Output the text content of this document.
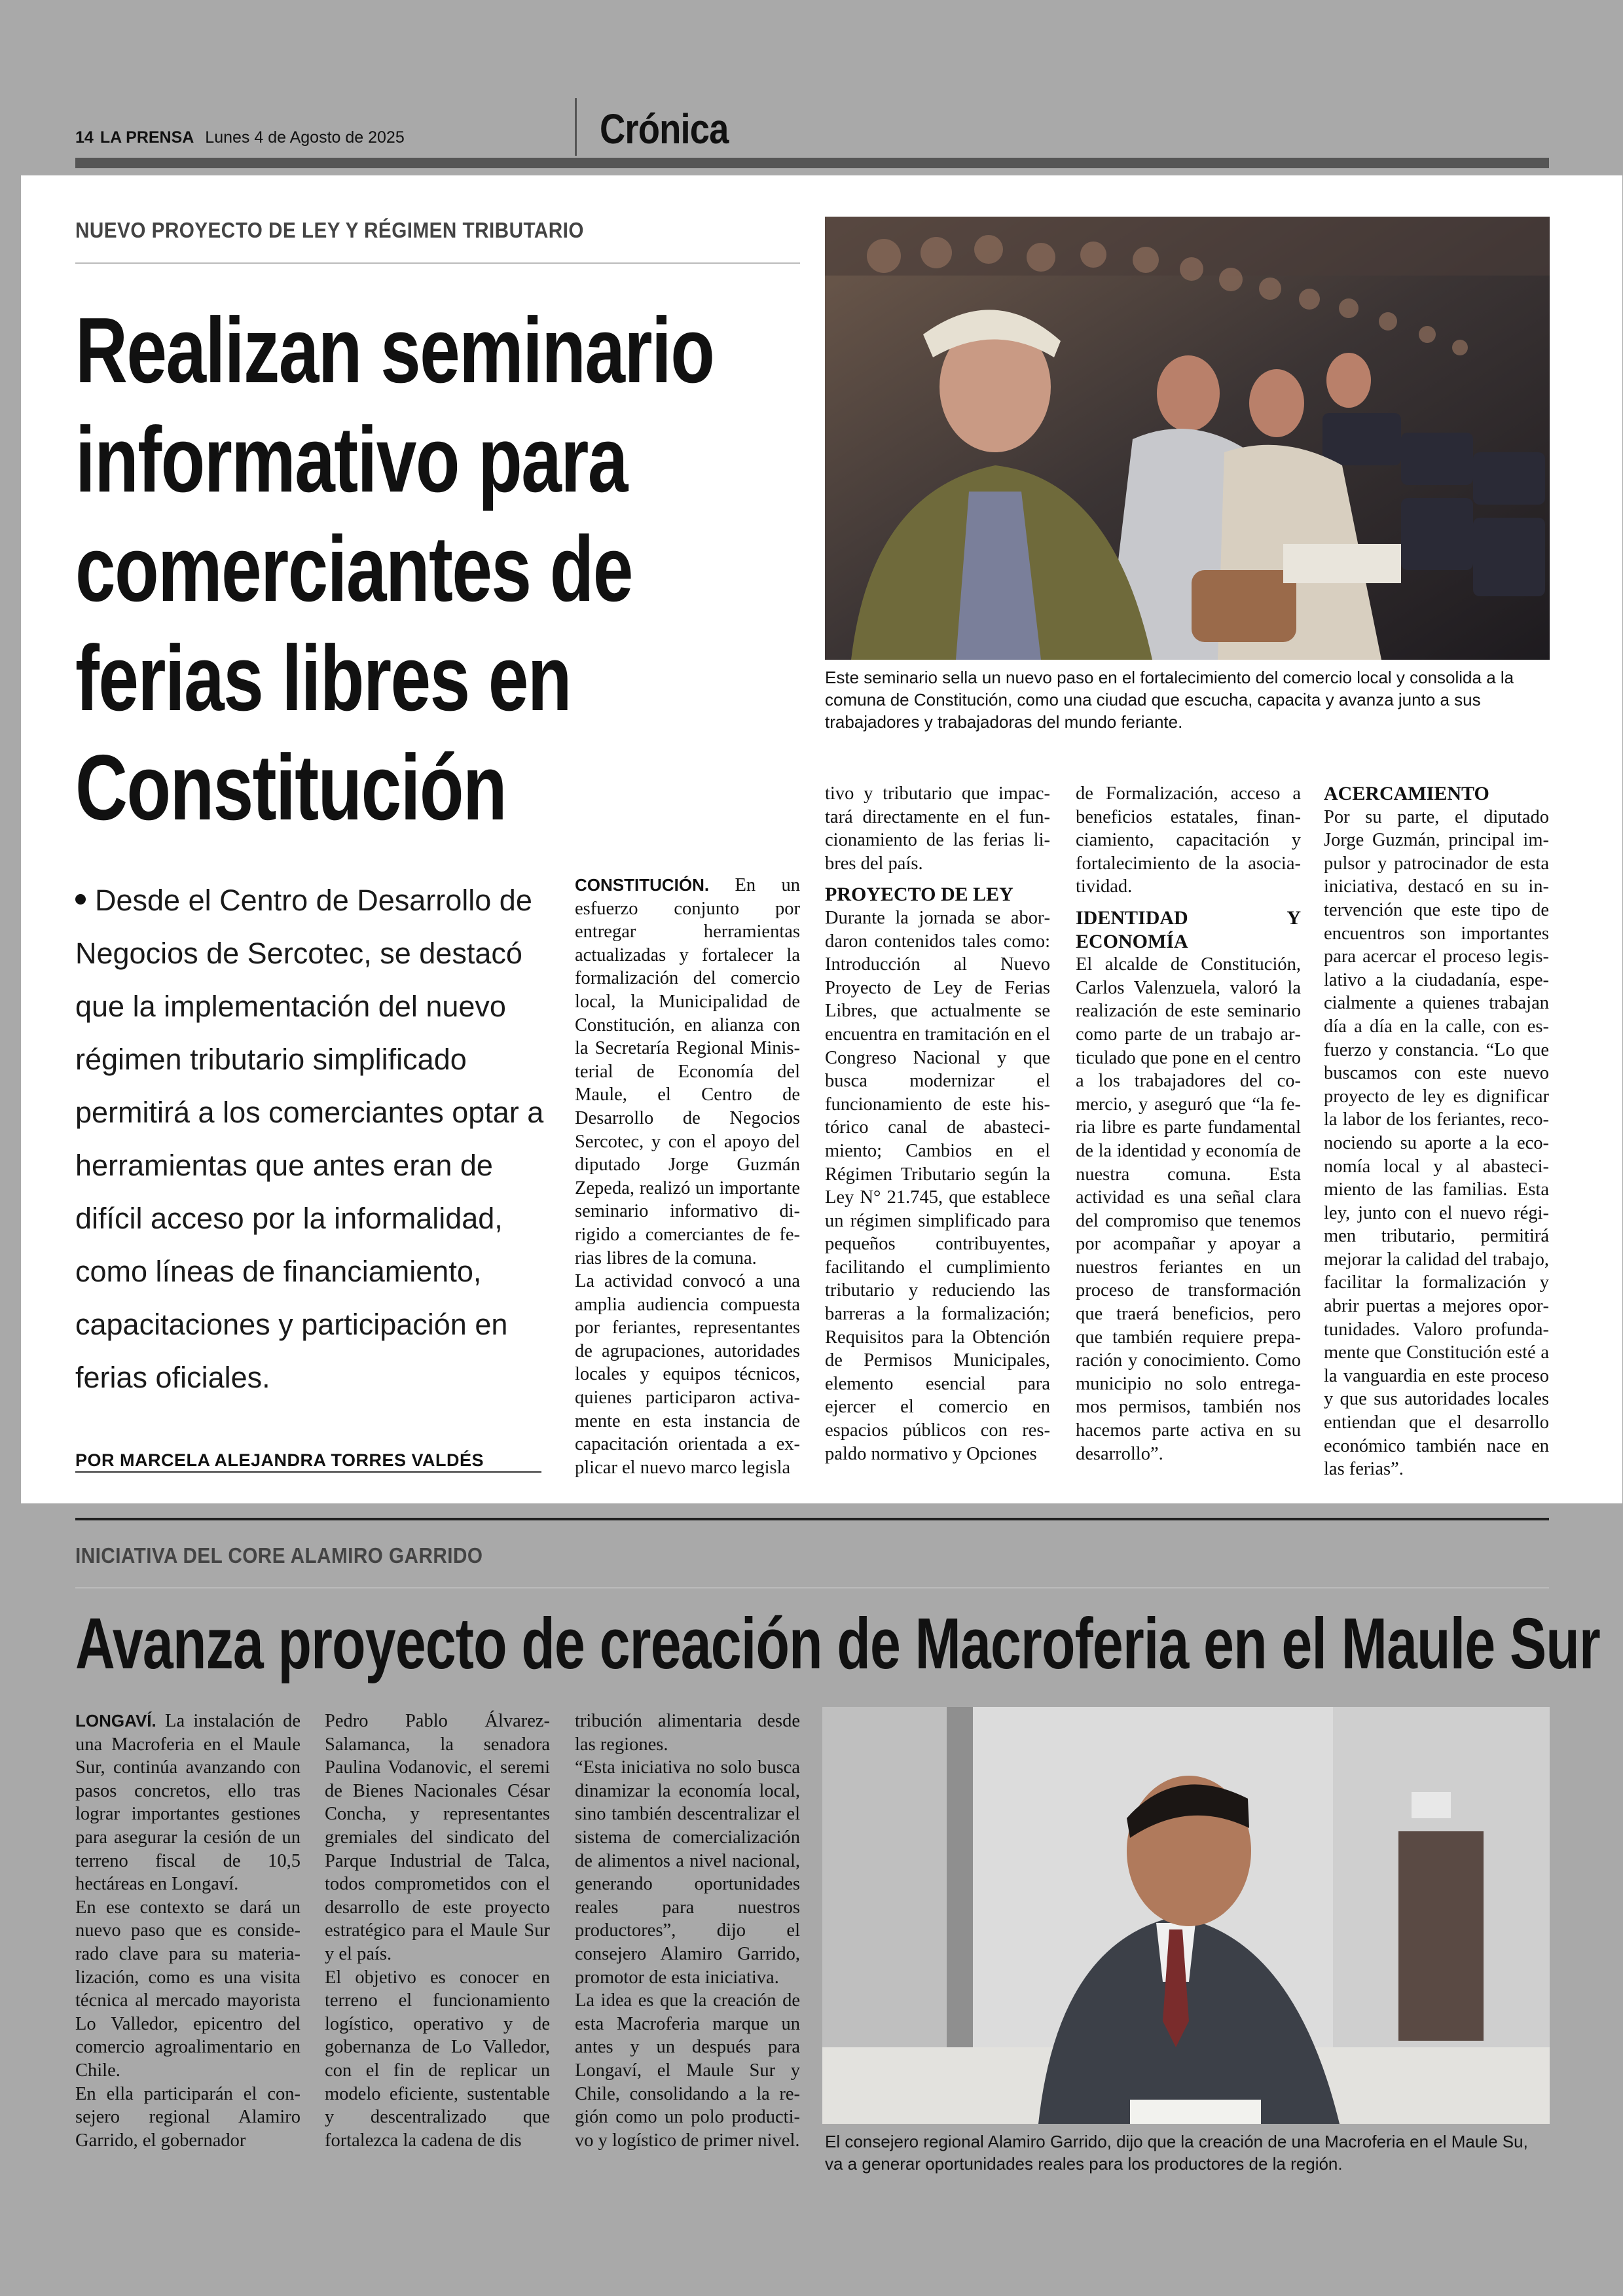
14 LA PRENSA Lunes 4 de Agosto de 2025	Crónica
NUEVO PROYECTO DE LEY Y RÉGIMEN TRIBUTARIO
Realizan seminario
informativo para
comerciantes de
ferias libres en
Constitución
Desde el Centro de Desarrollo de Negocios de Sercotec, se destacó que la implementación del nuevo régimen tributario simplificado permitirá a los comerciantes optar a herramientas que antes eran de difícil acceso por la informalidad, como líneas de financiamiento, capacitaciones y participación en ferias oficiales.
POR MARCELA ALEJANDRA TORRES VALDÉS
Este seminario sella un nuevo paso en el fortalecimiento del comercio local y consolida a la comuna de Constitución, como una ciudad que escucha, capacita y avanza junto a sus trabajadores y trabajadoras del mundo feriante.

CONSTITUCIÓN. En un esfuerzo conjunto por entregar herramientas actualizadas y fortalecer la formalización del comercio local, la Municipalidad de Constitución, en alianza con la Secretaría Regional Ministerial de Economía del Maule, el Centro de Desarrollo de Negocios Sercotec, y con el apoyo del diputado Jorge Guzmán Zepeda, realizó un importante seminario informativo dirigido a comerciantes de ferias libres de la comuna.

La actividad convocó a una amplia audiencia compuesta por feriantes, representantes de agrupaciones, autoridades locales y equipos técnicos, quienes participaron activamente en esta instancia de capacitación orientada a explicar el nuevo marco legisla

tivo y tributario que impactará directamente en el funcionamiento de las ferias libres del país.

PROYECTO DE LEY

Durante la jornada se abordaron contenidos tales como: Introducción al Nuevo Proyecto de Ley de Ferias Libres, que actualmente se encuentra en tramitación en el Congreso Nacional y que busca modernizar el funcionamiento de este histórico canal de abastecimiento; Cambios en el Régimen Tributario según la Ley N° 21.745, que establece un régimen simplificado para pequeños contribuyentes, facilitando el cumplimiento tributario y reduciendo las barreras a la formalización; Requisitos para la Obtención de Permisos Municipales, elemento esencial para ejercer el comercio en espacios públicos con respaldo normativo y Opciones

de Formalización, acceso a beneficios estatales, financiamiento, capacitación y fortalecimiento de la asociatividad.

IDENTIDAD Y ECONOMÍA

El alcalde de Constitución, Carlos Valenzuela, valoró la realización de este seminario como parte de un trabajo articulado que pone en el centro a los trabajadores del comercio, y aseguró que “la feria libre es parte fundamental de la identidad y economía de nuestra comuna. Esta actividad es una señal clara del compromiso que tenemos por acompañar y apoyar a nuestros feriantes en un proceso de transformación que traerá beneficios, pero que también requiere preparación y conocimiento. Como municipio no solo entregamos permisos, también nos hacemos parte activa en su desarrollo”.

ACERCAMIENTO

Por su parte, el diputado Jorge Guzmán, principal impulsor y patrocinador de esta iniciativa, destacó en su intervención que este tipo de encuentros son importantes para acercar el proceso legislativo a la ciudadanía, especialmente a quienes trabajan día a día en la calle, con esfuerzo y constancia. “Lo que buscamos con este nuevo proyecto de ley es dignificar la labor de los feriantes, reconociendo su aporte a la economía local y al abastecimiento de las familias. Esta ley, junto con el nuevo régimen tributario, permitirá mejorar la calidad del trabajo, facilitar la formalización y abrir puertas a mejores oportunidades. Valoro profundamente que Constitución esté a la vanguardia en este proceso y que sus autoridades locales entiendan que el desarrollo económico también nace en las ferias”.

INICIATIVA DEL CORE ALAMIRO GARRIDO
Avanza proyecto de creación de Macroferia en el Maule Sur

LONGAVÍ. La instalación de una Macroferia en el Maule Sur, continúa avanzando con pasos concretos, ello tras lograr importantes gestiones para asegurar la cesión de un terreno fiscal de 10,5 hectáreas en Longaví.

En ese contexto se dará un nuevo paso que es considerado clave para su materialización, como es una visita técnica al mercado mayorista Lo Valledor, epicentro del comercio agroalimentario en Chile.

En ella participarán el consejero regional Alamiro Garrido, el gobernador

Pedro Pablo Álvarez-Salamanca, la senadora Paulina Vodanovic, el seremi de Bienes Nacionales César Concha, y representantes gremiales del sindicato del Parque Industrial de Talca, todos comprometidos con el desarrollo de este proyecto estratégico para el Maule Sur y el país.

El objetivo es conocer en terreno el funcionamiento logístico, operativo y de gobernanza de Lo Valledor, con el fin de replicar un modelo eficiente, sustentable y descentralizado que fortalezca la cadena de dis

tribución alimentaria desde las regiones.

“Esta iniciativa no solo busca dinamizar la economía local, sino también descentralizar el sistema de comercialización de alimentos a nivel nacional, generando oportunidades reales para nuestros productores”, dijo el consejero Alamiro Garrido, promotor de esta iniciativa.

La idea es que la creación de esta Macroferia marque un antes y un después para Longaví, el Maule Sur y Chile, consolidando a la región como un polo productivo y logístico de primer nivel. El consejero regional Alamiro Garrido, dijo que la creación de una Macroferia en el Maule Su, va a generar oportunidades reales para los productores de la región.
